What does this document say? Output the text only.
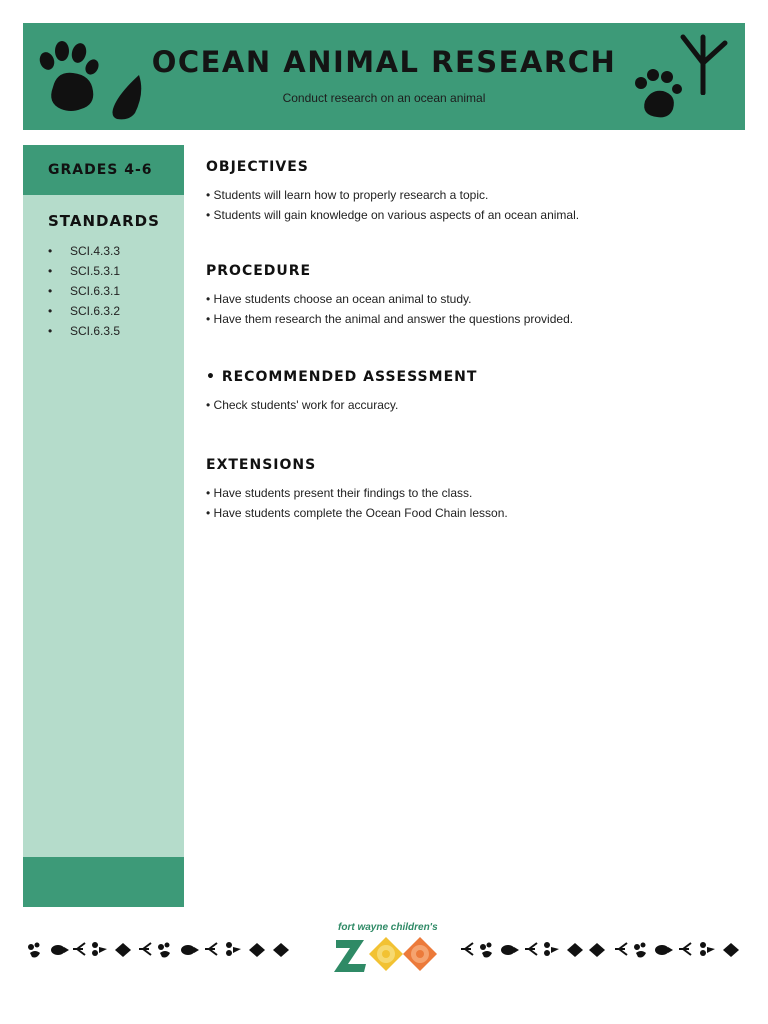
OCEAN ANIMAL RESEARCH
Conduct research on an ocean animal
GRADES 4-6
STANDARDS
• SCI.4.3.3
• SCI.5.3.1
• SCI.6.3.1
• SCI.6.3.2
• SCI.6.3.5
OBJECTIVES

• Students will learn how to properly research a topic.

• Students will gain knowledge on various aspects of an ocean animal.

PROCEDURE

• Have students choose an ocean animal to study.

• Have them research the animal and answer the questions provided.

• RECOMMENDED ASSESSMENT

• Check students' work for accuracy.

EXTENSIONS

• Have students present their findings to the class.

• Have students complete the Ocean Food Chain lesson.

fort wayne children's
